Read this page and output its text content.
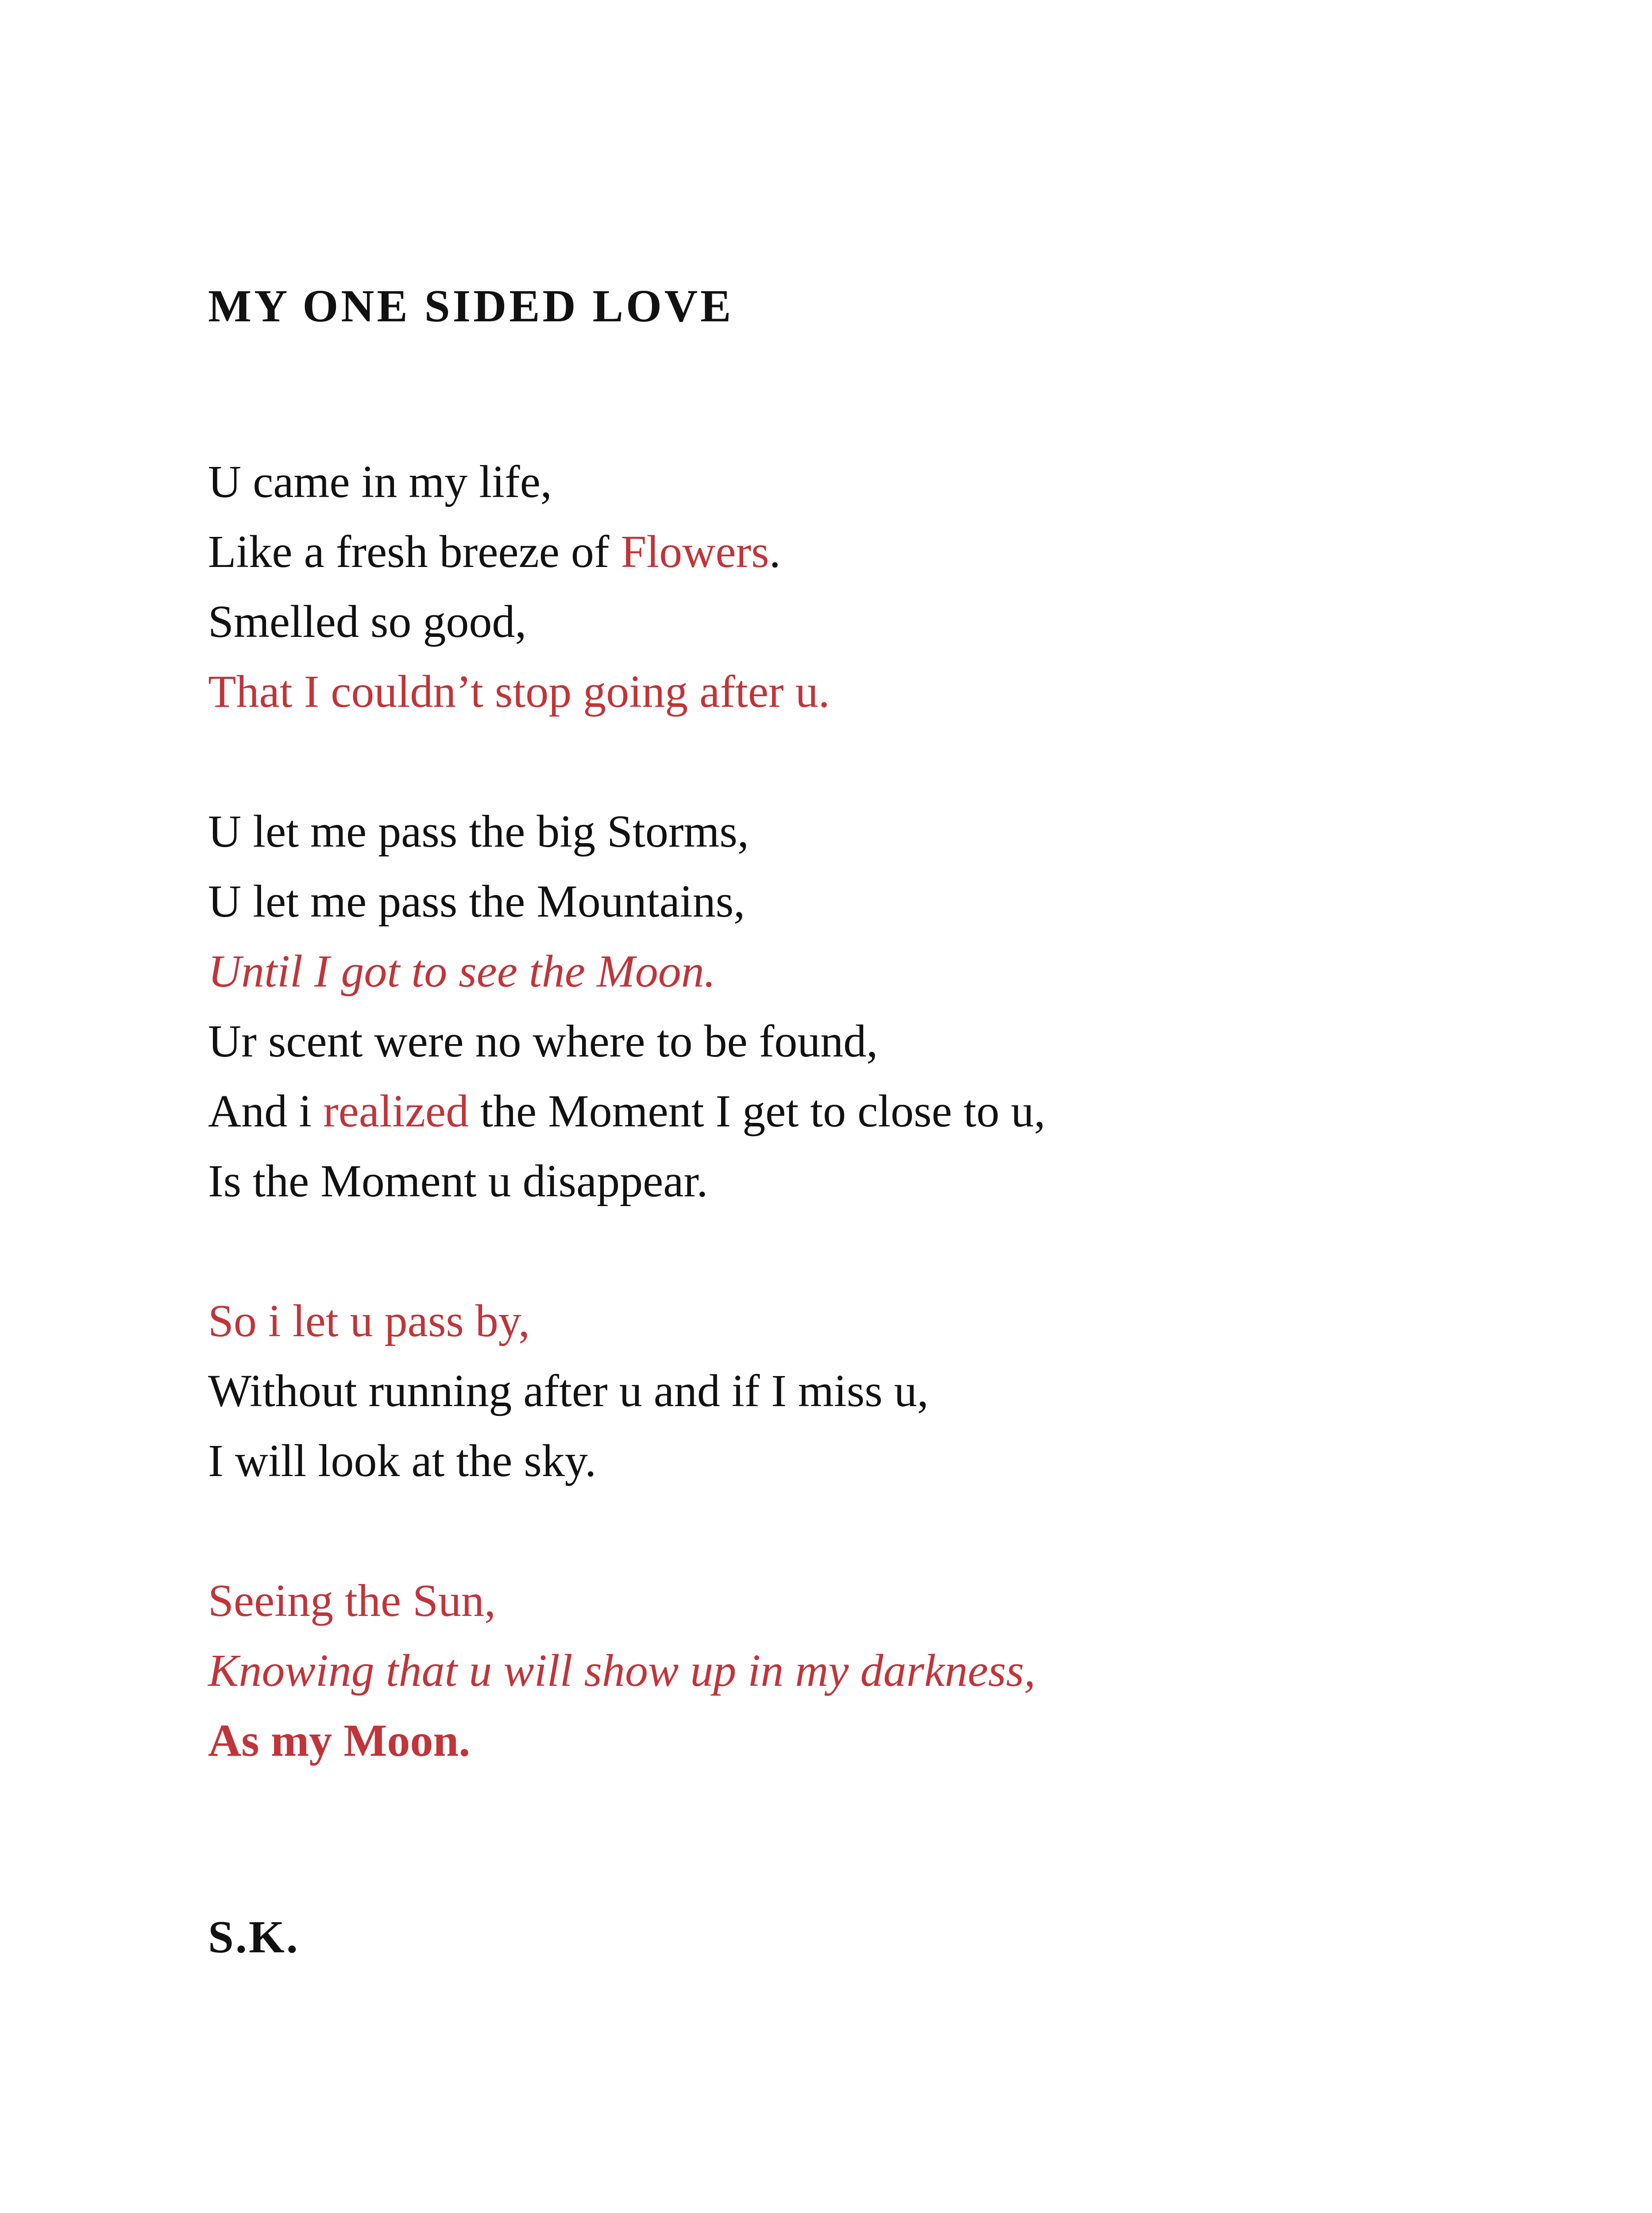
MY ONE SIDED LOVE
U came in my life,
Like a fresh breeze of Flowers.
Smelled so good,
That I couldn’t stop going after u.
U let me pass the big Storms,
U let me pass the Mountains,
Until I got to see the Moon.
Ur scent were no where to be found,
And i realized the Moment I get to close to u,
Is the Moment u disappear.
So i let u pass by,
Without running after u and if I miss u,
I will look at the sky.
Seeing the Sun,
Knowing that u will show up in my darkness,
As my Moon.
S.K.
